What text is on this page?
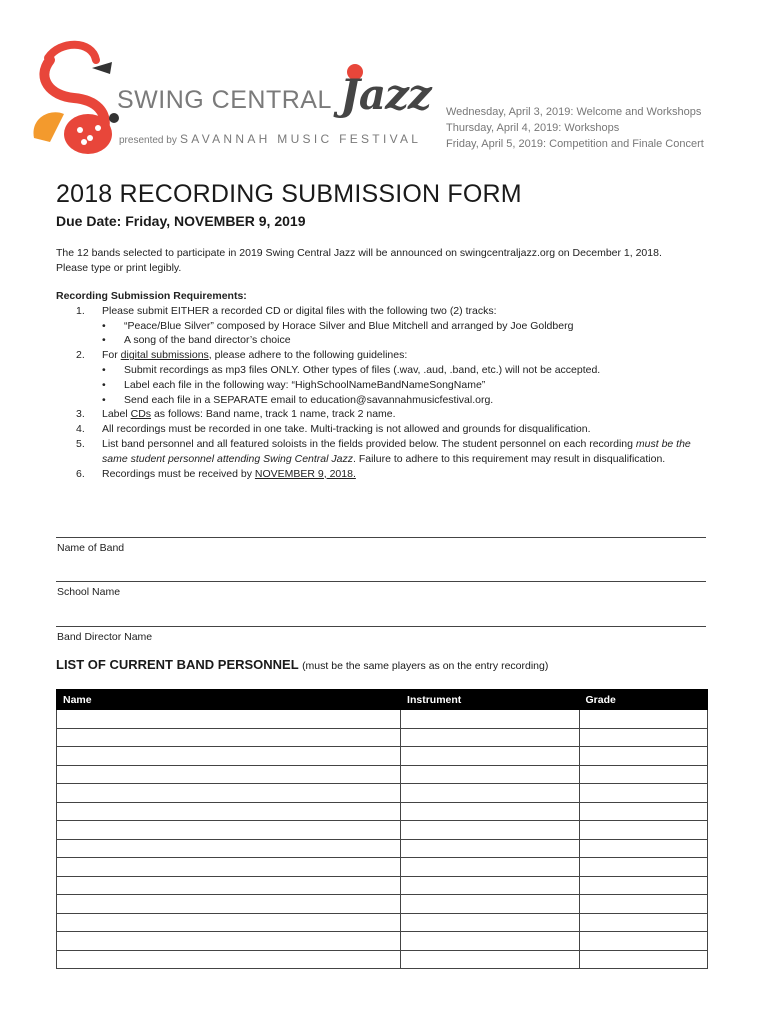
SWING CENTRAL Jazz
presented by SAVANNAH MUSIC FESTIVAL
Wednesday, April 3, 2019: Welcome and Workshops
Thursday, April 4, 2019: Workshops
Friday, April 5, 2019: Competition and Finale Concert
2018 RECORDING SUBMISSION FORM
Due Date: Friday, NOVEMBER 9, 2019
The 12 bands selected to participate in 2019 Swing Central Jazz will be announced on swingcentraljazz.org on December 1, 2018.
Please type or print legibly.
Recording Submission Requirements:
1. Please submit EITHER a recorded CD or digital files with the following two (2) tracks:
• “Peace/Blue Silver” composed by Horace Silver and Blue Mitchell and arranged by Joe Goldberg
• A song of the band director’s choice
2. For digital submissions, please adhere to the following guidelines:
• Submit recordings as mp3 files ONLY. Other types of files (.wav, .aud, .band, etc.) will not be accepted.
• Label each file in the following way: “HighSchoolNameBandNameSongName”
• Send each file in a SEPARATE email to education@savannahmusicfestival.org.
3. Label CDs as follows: Band name, track 1 name, track 2 name.
4. All recordings must be recorded in one take. Multi-tracking is not allowed and grounds for disqualification.
5. List band personnel and all featured soloists in the fields provided below. The student personnel on each recording must be the same student personnel attending Swing Central Jazz. Failure to adhere to this requirement may result in disqualification.
6. Recordings must be received by NOVEMBER 9, 2018.
Name of Band
School Name
Band Director Name
LIST OF CURRENT BAND PERSONNEL (must be the same players as on the entry recording)
Name	Instrument	Grade
